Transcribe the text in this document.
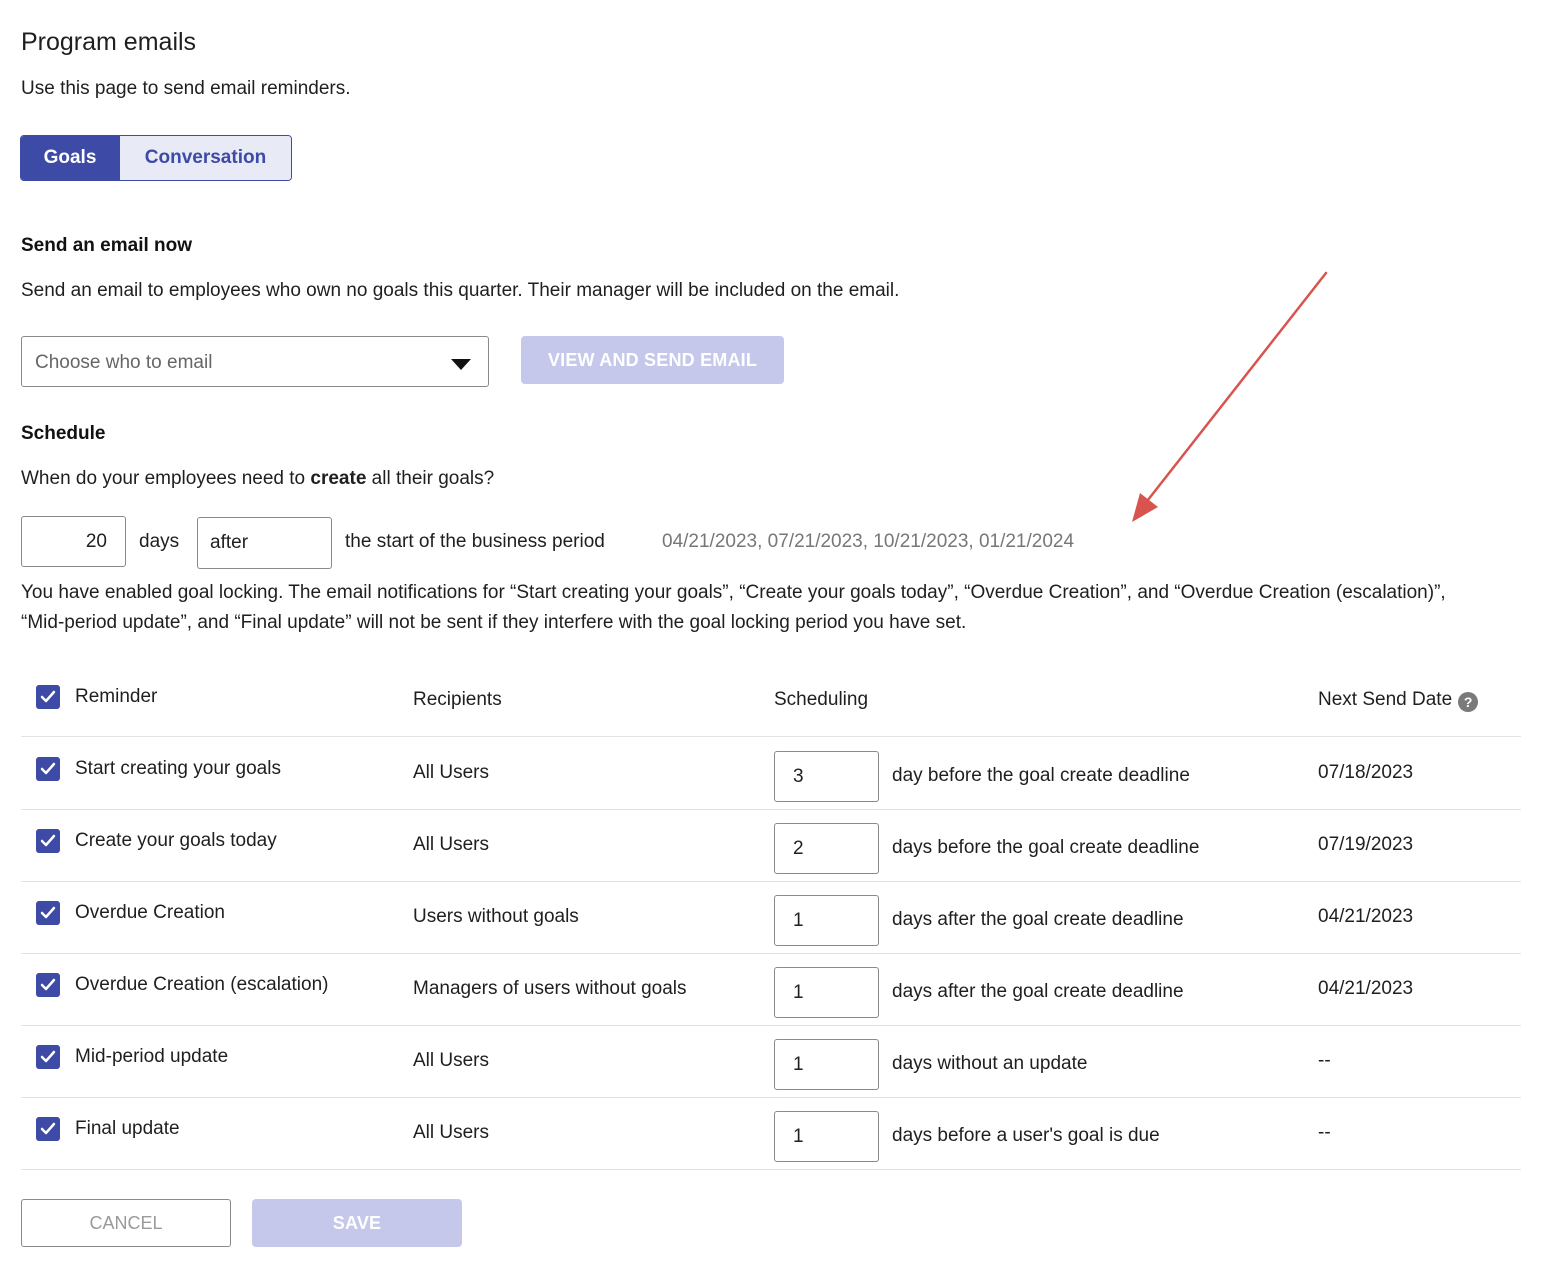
Program emails
Use this page to send email reminders.
Goals	Conversation
Send an email now
Send an email to employees who own no goals this quarter. Their manager will be included on the email.
Choose who to email	VIEW AND SEND EMAIL
Schedule
When do your employees need to create all their goals?
20 days after	the start of the business period	04/21/2023, 07/21/2023, 10/21/2023, 01/21/2024
You have enabled goal locking. The email notifications for “Start creating your goals”, “Create your goals today”, “Overdue Creation”, and “Overdue Creation (escalation)”, “Mid-period update”, and “Final update” will not be sent if they interfere with the goal locking period you have set.
Reminder	Recipients	Scheduling	Next Send Date ?
Start creating your goals	All Users	3	day before the goal create deadline	07/18/2023
Create your goals today	All Users	2	days before the goal create deadline	07/19/2023
Overdue Creation	Users without goals	1	days after the goal create deadline	04/21/2023
Overdue Creation (escalation)	Managers of users without goals	1	days after the goal create deadline	04/21/2023
Mid-period update	All Users	1	days without an update	--
Final update	All Users	1	days before a user's goal is due	--
CANCEL	SAVE
